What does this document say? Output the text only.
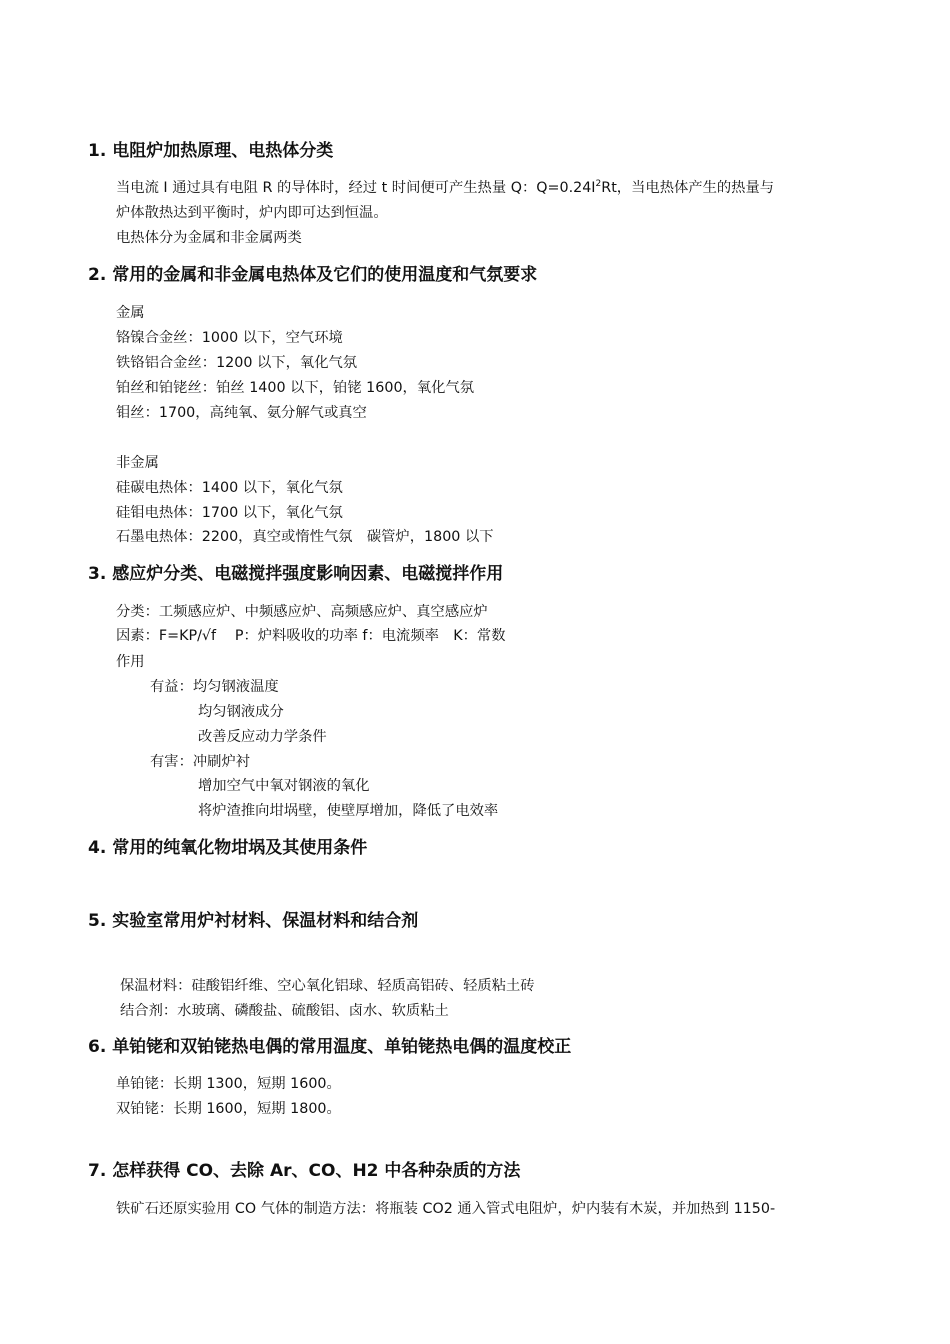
1. 电阻炉加热原理、电热体分类
当电流 I 通过具有电阻 R 的导体时，经过 t 时间便可产生热量 Q：$Q=0.24I^2Rt$，当电热体产生的热量与
炉体散热达到平衡时，炉内即可达到恒温。
电热体分为金属和非金属两类
2. 常用的金属和非金属电热体及它们的使用温度和气氛要求
金属
铬镍合金丝：1000 以下，空气环境
铁铬铝合金丝：1200 以下，氧化气氛
铂丝和铂铑丝：铂丝 1400 以下，铂铑 1600，氧化气氛
钼丝：1700，高纯氧、氨分解气或真空
非金属
硅碳电热体：1400 以下，氧化气氛
硅钼电热体：1700 以下，氧化气氛
石墨电热体：2200，真空或惰性气氛　碳管炉，1800 以下
3. 感应炉分类、电磁搅拌强度影响因素、电磁搅拌作用
分类：工频感应炉、中频感应炉、高频感应炉、真空感应炉
因素：F=KP/√f　 P：炉料吸收的功率 f：电流频率　K：常数
作用
有益：均匀钢液温度
均匀钢液成分
改善反应动力学条件
有害：冲刷炉衬
增加空气中氧对钢液的氧化
将炉渣推向坩埚壁，使壁厚增加，降低了电效率
4. 常用的纯氧化物坩埚及其使用条件
5. 实验室常用炉衬材料、保温材料和结合剂
保温材料：硅酸铝纤维、空心氧化铝球、轻质高铝砖、轻质粘土砖
结合剂：水玻璃、磷酸盐、硫酸铝、卤水、软质粘土
6. 单铂铑和双铂铑热电偶的常用温度、单铂铑热电偶的温度校正
单铂铑：长期 1300，短期 1600。
双铂铑：长期 1600，短期 1800。
7. 怎样获得 CO、去除 Ar、CO、H2 中各种杂质的方法
铁矿石还原实验用 CO 气体的制造方法：将瓶装 CO2 通入管式电阻炉，炉内装有木炭，并加热到 1150-
